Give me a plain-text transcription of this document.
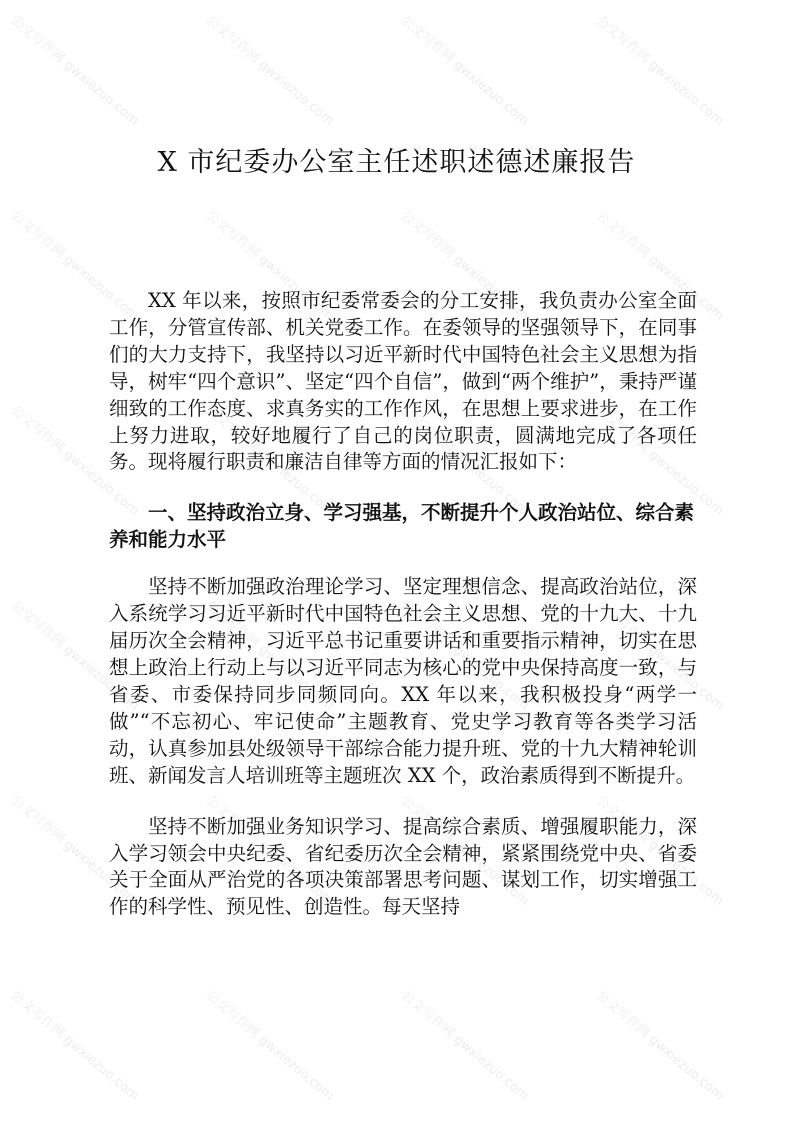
公文写作网 gwxiezuo.com	公文写作网 gwxiezuo.com	公文写作网 gwxiezuo.com	公文写作网 gwxiezuo.com
公文写作网 gwxiezuo.com	公文写作网 gwxiezuo.com	公文写作网 gwxiezuo.com	公文写作网 gwxiezuo.com
公文写作网 gwxiezuo.com	公文写作网 gwxiezuo.com	公文写作网 gwxiezuo.com	公文写作网 gwxiezuo.com
公文写作网 gwxiezuo.com	公文写作网 gwxiezuo.com	公文写作网 gwxiezuo.com	公文写作网 gwxiezuo.com
公文写作网 gwxiezuo.com	公文写作网 gwxiezuo.com	公文写作网 gwxiezuo.com	公文写作网 gwxiezuo.com
公文写作网 gwxiezuo.com	公文写作网 gwxiezuo.com	公文写作网 gwxiezuo.com	公文写作网 gwxiezuo.com
X 市纪委办公室主任述职述德述廉报告

XX 年以来，按照市纪委常委会的分工安排，我负责办公室全面工作，分管宣传部、机关党委工作。在委领导的坚强领导下，在同事们的大力支持下，我坚持以习近平新时代中国特色社会主义思想为指导，树牢“四个意识”、坚定“四个自信”，做到“两个维护”，秉持严谨细致的工作态度、求真务实的工作作风，在思想上要求进步，在工作上努力进取，较好地履行了自己的岗位职责，圆满地完成了各项任务。现将履行职责和廉洁自律等方面的情况汇报如下：

一、坚持政治立身、学习强基，不断提升个人政治站位、综合素养和能力水平

坚持不断加强政治理论学习、坚定理想信念、提高政治站位，深入系统学习习近平新时代中国特色社会主义思想、党的十九大、十九届历次全会精神，习近平总书记重要讲话和重要指示精神，切实在思想上政治上行动上与以习近平同志为核心的党中央保持高度一致，与省委、市委保持同步同频同向。XX 年以来，我积极投身“两学一做”“不忘初心、牢记使命”主题教育、党史学习教育等各类学习活动，认真参加县处级领导干部综合能力提升班、党的十九大精神轮训班、新闻发言人培训班等主题班次 XX 个，政治素质得到不断提升。

坚持不断加强业务知识学习、提高综合素质、增强履职能力，深入学习领会中央纪委、省纪委历次全会精神，紧紧围绕党中央、省委关于全面从严治党的各项决策部署思考问题、谋划工作，切实增强工作的科学性、预见性、创造性。每天坚持
